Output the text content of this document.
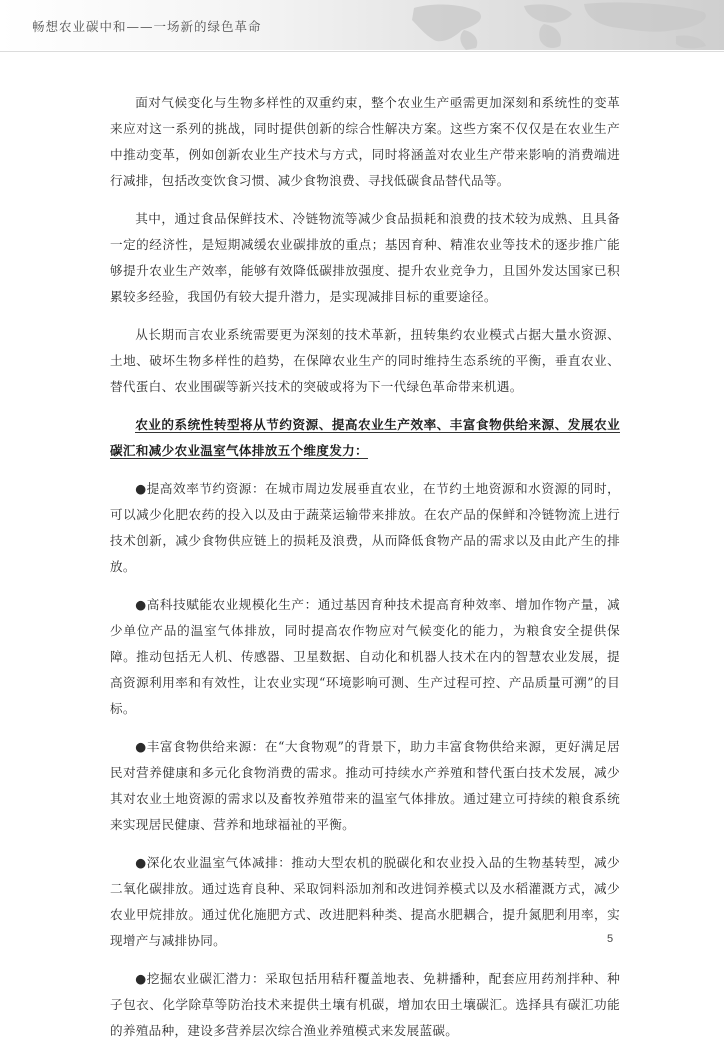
畅想农业碳中和——一场新的绿色革命

面对气候变化与生物多样性的双重约束，整个农业生产亟需更加深刻和系统性的变革来应对这一系列的挑战，同时提供创新的综合性解决方案。这些方案不仅仅是在农业生产中推动变革，例如创新农业生产技术与方式，同时将涵盖对农业生产带来影响的消费端进行减排，包括改变饮食习惯、减少食物浪费、寻找低碳食品替代品等。

其中，通过食品保鲜技术、冷链物流等减少食品损耗和浪费的技术较为成熟、且具备一定的经济性，是短期减缓农业碳排放的重点；基因育种、精准农业等技术的逐步推广能够提升农业生产效率，能够有效降低碳排放强度、提升农业竞争力，且国外发达国家已积累较多经验，我国仍有较大提升潜力，是实现减排目标的重要途径。

从长期而言农业系统需要更为深刻的技术革新，扭转集约农业模式占据大量水资源、土地、破坏生物多样性的趋势，在保障农业生产的同时维持生态系统的平衡，垂直农业、替代蛋白、农业围碳等新兴技术的突破或将为下一代绿色革命带来机遇。

农业的系统性转型将从节约资源、提高农业生产效率、丰富食物供给来源、发展农业碳汇和减少农业温室气体排放五个维度发力：

●提高效率节约资源：在城市周边发展垂直农业，在节约土地资源和水资源的同时，可以减少化肥农药的投入以及由于蔬菜运输带来排放。在农产品的保鲜和冷链物流上进行技术创新，减少食物供应链上的损耗及浪费，从而降低食物产品的需求以及由此产生的排放。

●高科技赋能农业规模化生产：通过基因育种技术提高育种效率、增加作物产量，减少单位产品的温室气体排放，同时提高农作物应对气候变化的能力，为粮食安全提供保障。推动包括无人机、传感器、卫星数据、自动化和机器人技术在内的智慧农业发展，提高资源利用率和有效性，让农业实现“环境影响可测、生产过程可控、产品质量可溯”的目标。

●丰富食物供给来源：在“大食物观”的背景下，助力丰富食物供给来源，更好满足居民对营养健康和多元化食物消费的需求。推动可持续水产养殖和替代蛋白技术发展，减少其对农业土地资源的需求以及畜牧养殖带来的温室气体排放。通过建立可持续的粮食系统来实现居民健康、营养和地球福祉的平衡。

●深化农业温室气体减排：推动大型农机的脱碳化和农业投入品的生物基转型，减少二氧化碳排放。通过选育良种、采取饲料添加剂和改进饲养模式以及水稻灌溉方式，减少农业甲烷排放。通过优化施肥方式、改进肥料种类、提高水肥耦合，提升氮肥利用率，实现增产与减排协同。

●挖掘农业碳汇潜力：采取包括用秸秆覆盖地表、免耕播种，配套应用药剂拌种、种子包衣、化学除草等防治技术来提供土壤有机碳，增加农田土壤碳汇。选择具有碳汇功能的养殖品种，建设多营养层次综合渔业养殖模式来发展蓝碳。

5
